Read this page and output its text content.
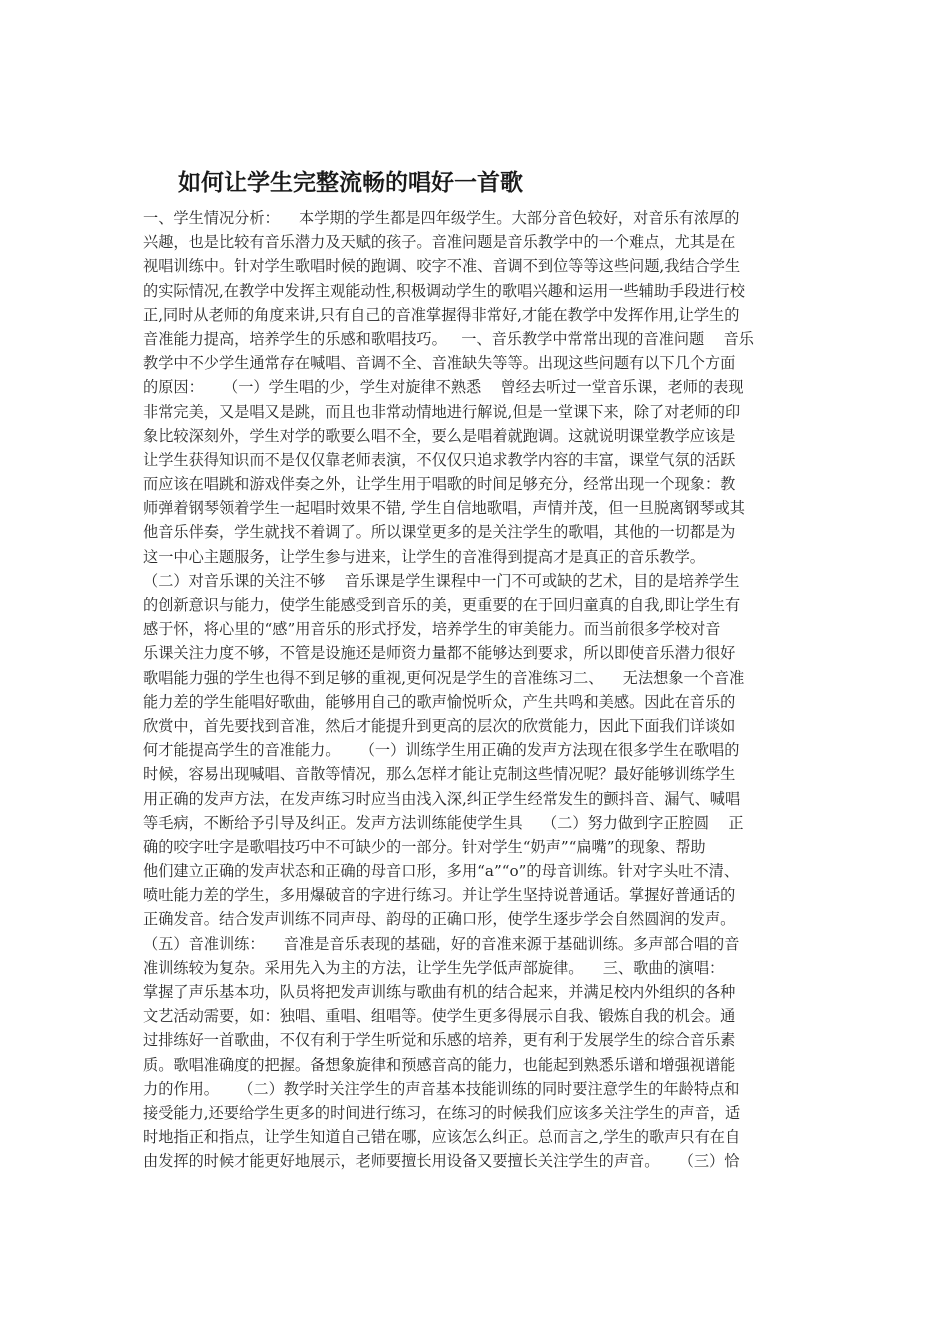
如何让学生完整流畅的唱好一首歌
一、学生情况分析：    本学期的学生都是四年级学生。大部分音色较好，对音乐有浓厚的
兴趣，也是比较有音乐潜力及天赋的孩子。音准问题是音乐教学中的一个难点，尤其是在
视唱训练中。针对学生歌唱时候的跑调、咬字不准、音调不到位等等这些问题,我结合学生
的实际情况,在教学中发挥主观能动性,积极调动学生的歌唱兴趣和运用一些辅助手段进行校
正,同时从老师的角度来讲,只有自己的音准掌握得非常好,才能在教学中发挥作用,让学生的
音准能力提高，培养学生的乐感和歌唱技巧。   一、音乐教学中常常出现的音准问题    音乐
教学中不少学生通常存在喊唱、音调不全、音准缺失等等。出现这些问题有以下几个方面
的原因：    （一）学生唱的少，学生对旋律不熟悉    曾经去听过一堂音乐课，老师的表现
非常完美，又是唱又是跳，而且也非常动情地进行解说,但是一堂课下来，除了对老师的印
象比较深刻外，学生对学的歌要么唱不全，要么是唱着就跑调。这就说明课堂教学应该是
让学生获得知识而不是仅仅靠老师表演，不仅仅只追求教学内容的丰富，课堂气氛的活跃
而应该在唱跳和游戏伴奏之外，让学生用于唱歌的时间足够充分，经常出现一个现象：教
师弹着钢琴领着学生一起唱时效果不错, 学生自信地歌唱，声情并茂，但一旦脱离钢琴或其
他音乐伴奏，学生就找不着调了。所以课堂更多的是关注学生的歌唱，其他的一切都是为
这一中心主题服务，让学生参与进来，让学生的音准得到提高才是真正的音乐教学。
（二）对音乐课的关注不够    音乐课是学生课程中一门不可或缺的艺术，目的是培养学生
的创新意识与能力，使学生能感受到音乐的美，更重要的在于回归童真的自我,即让学生有
感于怀，将心里的“感”用音乐的形式抒发，培养学生的审美能力。而当前很多学校对音
乐课关注力度不够，不管是设施还是师资力量都不能够达到要求，所以即使音乐潜力很好
歌唱能力强的学生也得不到足够的重视,更何况是学生的音准练习二、    无法想象一个音准
能力差的学生能唱好歌曲，能够用自己的歌声愉悦听众，产生共鸣和美感。因此在音乐的
欣赏中，首先要找到音准，然后才能提升到更高的层次的欣赏能力，因此下面我们详谈如
何才能提高学生的音准能力。    （一）训练学生用正确的发声方法现在很多学生在歌唱的
时候，容易出现喊唱、音散等情况，那么怎样才能让克制这些情况呢？最好能够训练学生
用正确的发声方法，在发声练习时应当由浅入深,纠正学生经常发生的颤抖音、漏气、喊唱
等毛病，不断给予引导及纠正。发声方法训练能使学生具    （二）努力做到字正腔圆    正
确的咬字吐字是歌唱技巧中不可缺少的一部分。针对学生“奶声”“扁嘴”的现象、帮助
他们建立正确的发声状态和正确的母音口形，多用“a”“o”的母音训练。针对字头吐不清、
喷吐能力差的学生，多用爆破音的字进行练习。并让学生坚持说普通话。掌握好普通话的
正确发音。结合发声训练不同声母、韵母的正确口形，使学生逐步学会自然圆润的发声。
（五）音准训练：    音准是音乐表现的基础，好的音准来源于基础训练。多声部合唱的音
准训练较为复杂。采用先入为主的方法，让学生先学低声部旋律。    三、歌曲的演唱：
掌握了声乐基本功，队员将把发声训练与歌曲有机的结合起来，并满足校内外组织的各种
文艺活动需要，如：独唱、重唱、组唱等。使学生更多得展示自我、锻炼自我的机会。通
过排练好一首歌曲，不仅有利于学生听觉和乐感的培养，更有利于发展学生的综合音乐素
质。歌唱准确度的把握。备想象旋律和预感音高的能力，也能起到熟悉乐谱和增强视谱能
力的作用。    （二）教学时关注学生的声音基本技能训练的同时要注意学生的年龄特点和
接受能力,还要给学生更多的时间进行练习，在练习的时候我们应该多关注学生的声音，适
时地指正和指点，让学生知道自己错在哪，应该怎么纠正。总而言之,学生的歌声只有在自
由发挥的时候才能更好地展示，老师要擅长用设备又要擅长关注学生的声音。    （三）恰
